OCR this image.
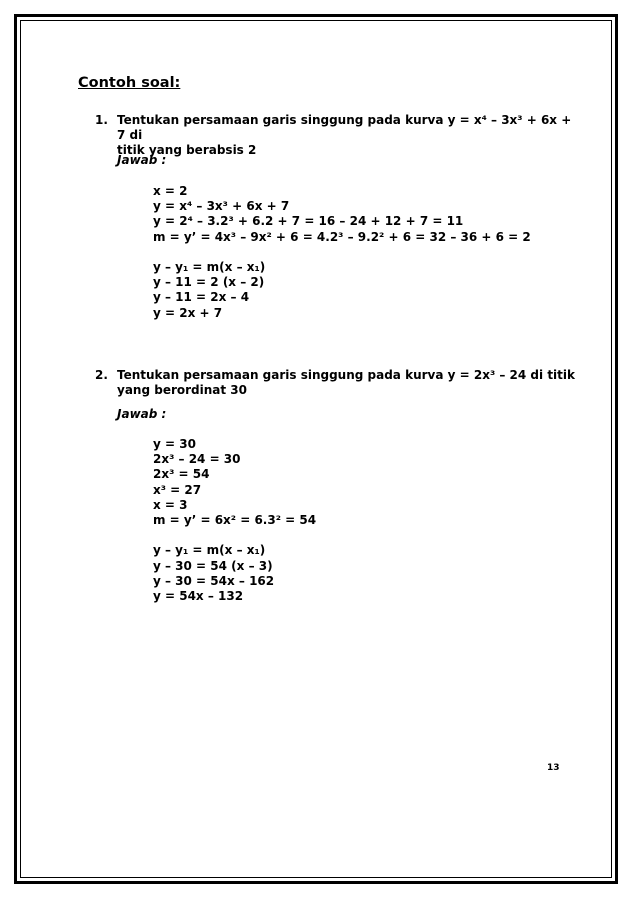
Contoh soal:
1. Tentukan persamaan garis singgung pada kurva y = x⁴ – 3x³ + 6x + 7 di
titik yang berabsis 2
Jawab :
x = 2
y = x⁴ – 3x³ + 6x + 7
y = 2⁴ – 3.2³ + 6.2 + 7 = 16 – 24 + 12 + 7 = 11
m = y’ = 4x³ – 9x² + 6 = 4.2³ – 9.2² + 6 = 32 – 36 + 6 = 2
y – y₁ = m(x – x₁)
y – 11 = 2 (x – 2)
y – 11 = 2x – 4
y = 2x + 7
2. Tentukan persamaan garis singgung pada kurva y = 2x³ – 24 di titik
yang berordinat 30
Jawab :
y = 30
2x³ – 24 = 30
2x³ = 54
x³ = 27
x = 3
m = y’ = 6x² = 6.3² = 54
y – y₁ = m(x – x₁)
y – 30 = 54 (x – 3)
y – 30 = 54x – 162
y = 54x – 132
13
